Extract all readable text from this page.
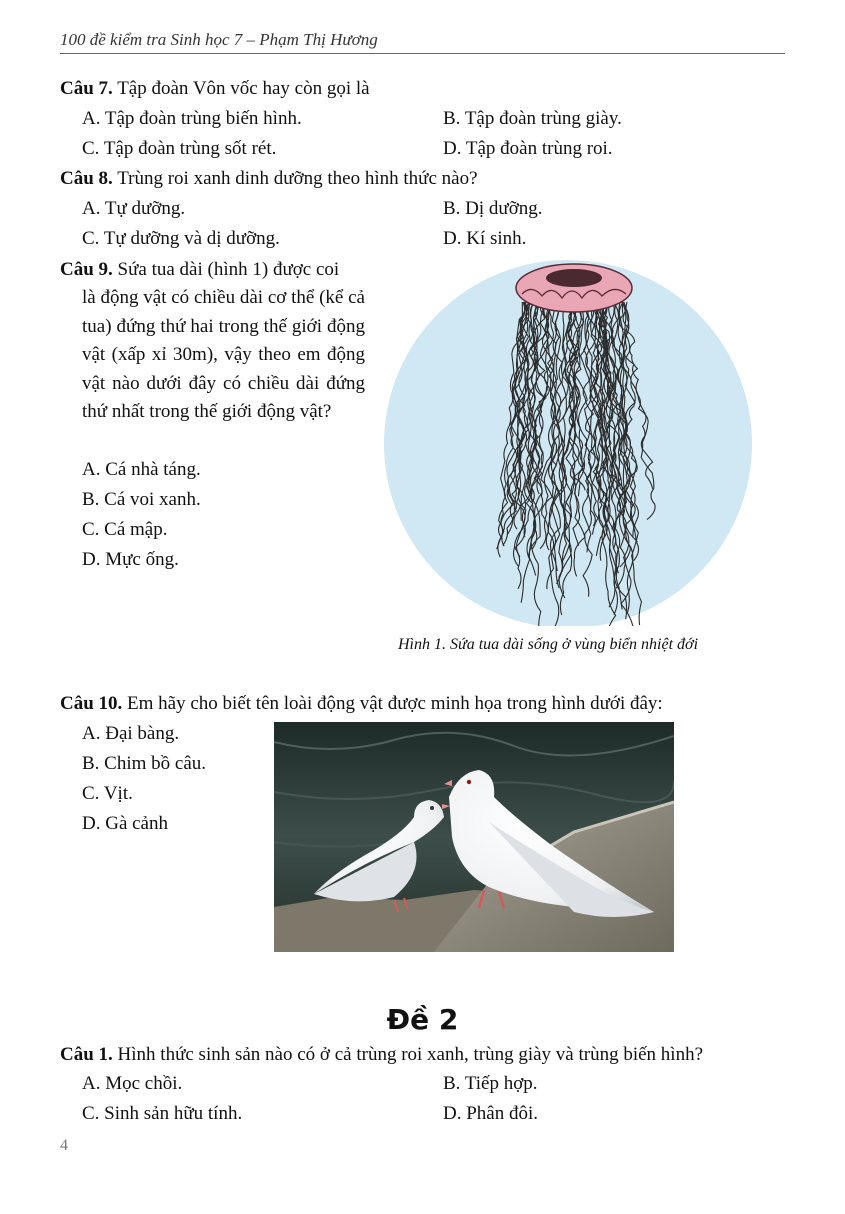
100 đề kiểm tra Sinh học 7 – Phạm Thị Hương
Câu 7. Tập đoàn Vôn vốc hay còn gọi là
A. Tập đoàn trùng biến hình.	B. Tập đoàn trùng giày.
C. Tập đoàn trùng sốt rét.	D. Tập đoàn trùng roi.
Câu 8. Trùng roi xanh dinh dưỡng theo hình thức nào?
A. Tự dưỡng.	B. Dị dưỡng.
C. Tự dưỡng và dị dưỡng.	D. Kí sinh.
Câu 9. Sứa tua dài (hình 1) được coi
là động vật có chiều dài cơ thể (kể cả tua) đứng thứ hai trong thế giới động vật (xấp xỉ 30m), vậy theo em động vật nào dưới đây có chiều dài đứng thứ nhất trong thế giới động vật?
A. Cá nhà táng.
B. Cá voi xanh.
C. Cá mập.
D. Mực ống.
Hình 1. Sứa tua dài sống ở vùng biển nhiệt đới
Câu 10. Em hãy cho biết tên loài động vật được minh họa trong hình dưới đây:
A. Đại bàng.
B. Chim bồ câu.
C. Vịt.
D. Gà cảnh
Đề 2
Câu 1. Hình thức sinh sản nào có ở cả trùng roi xanh, trùng giày và trùng biến hình?
A. Mọc chồi.	B. Tiếp hợp.
C. Sinh sản hữu tính.	D. Phân đôi.
4
